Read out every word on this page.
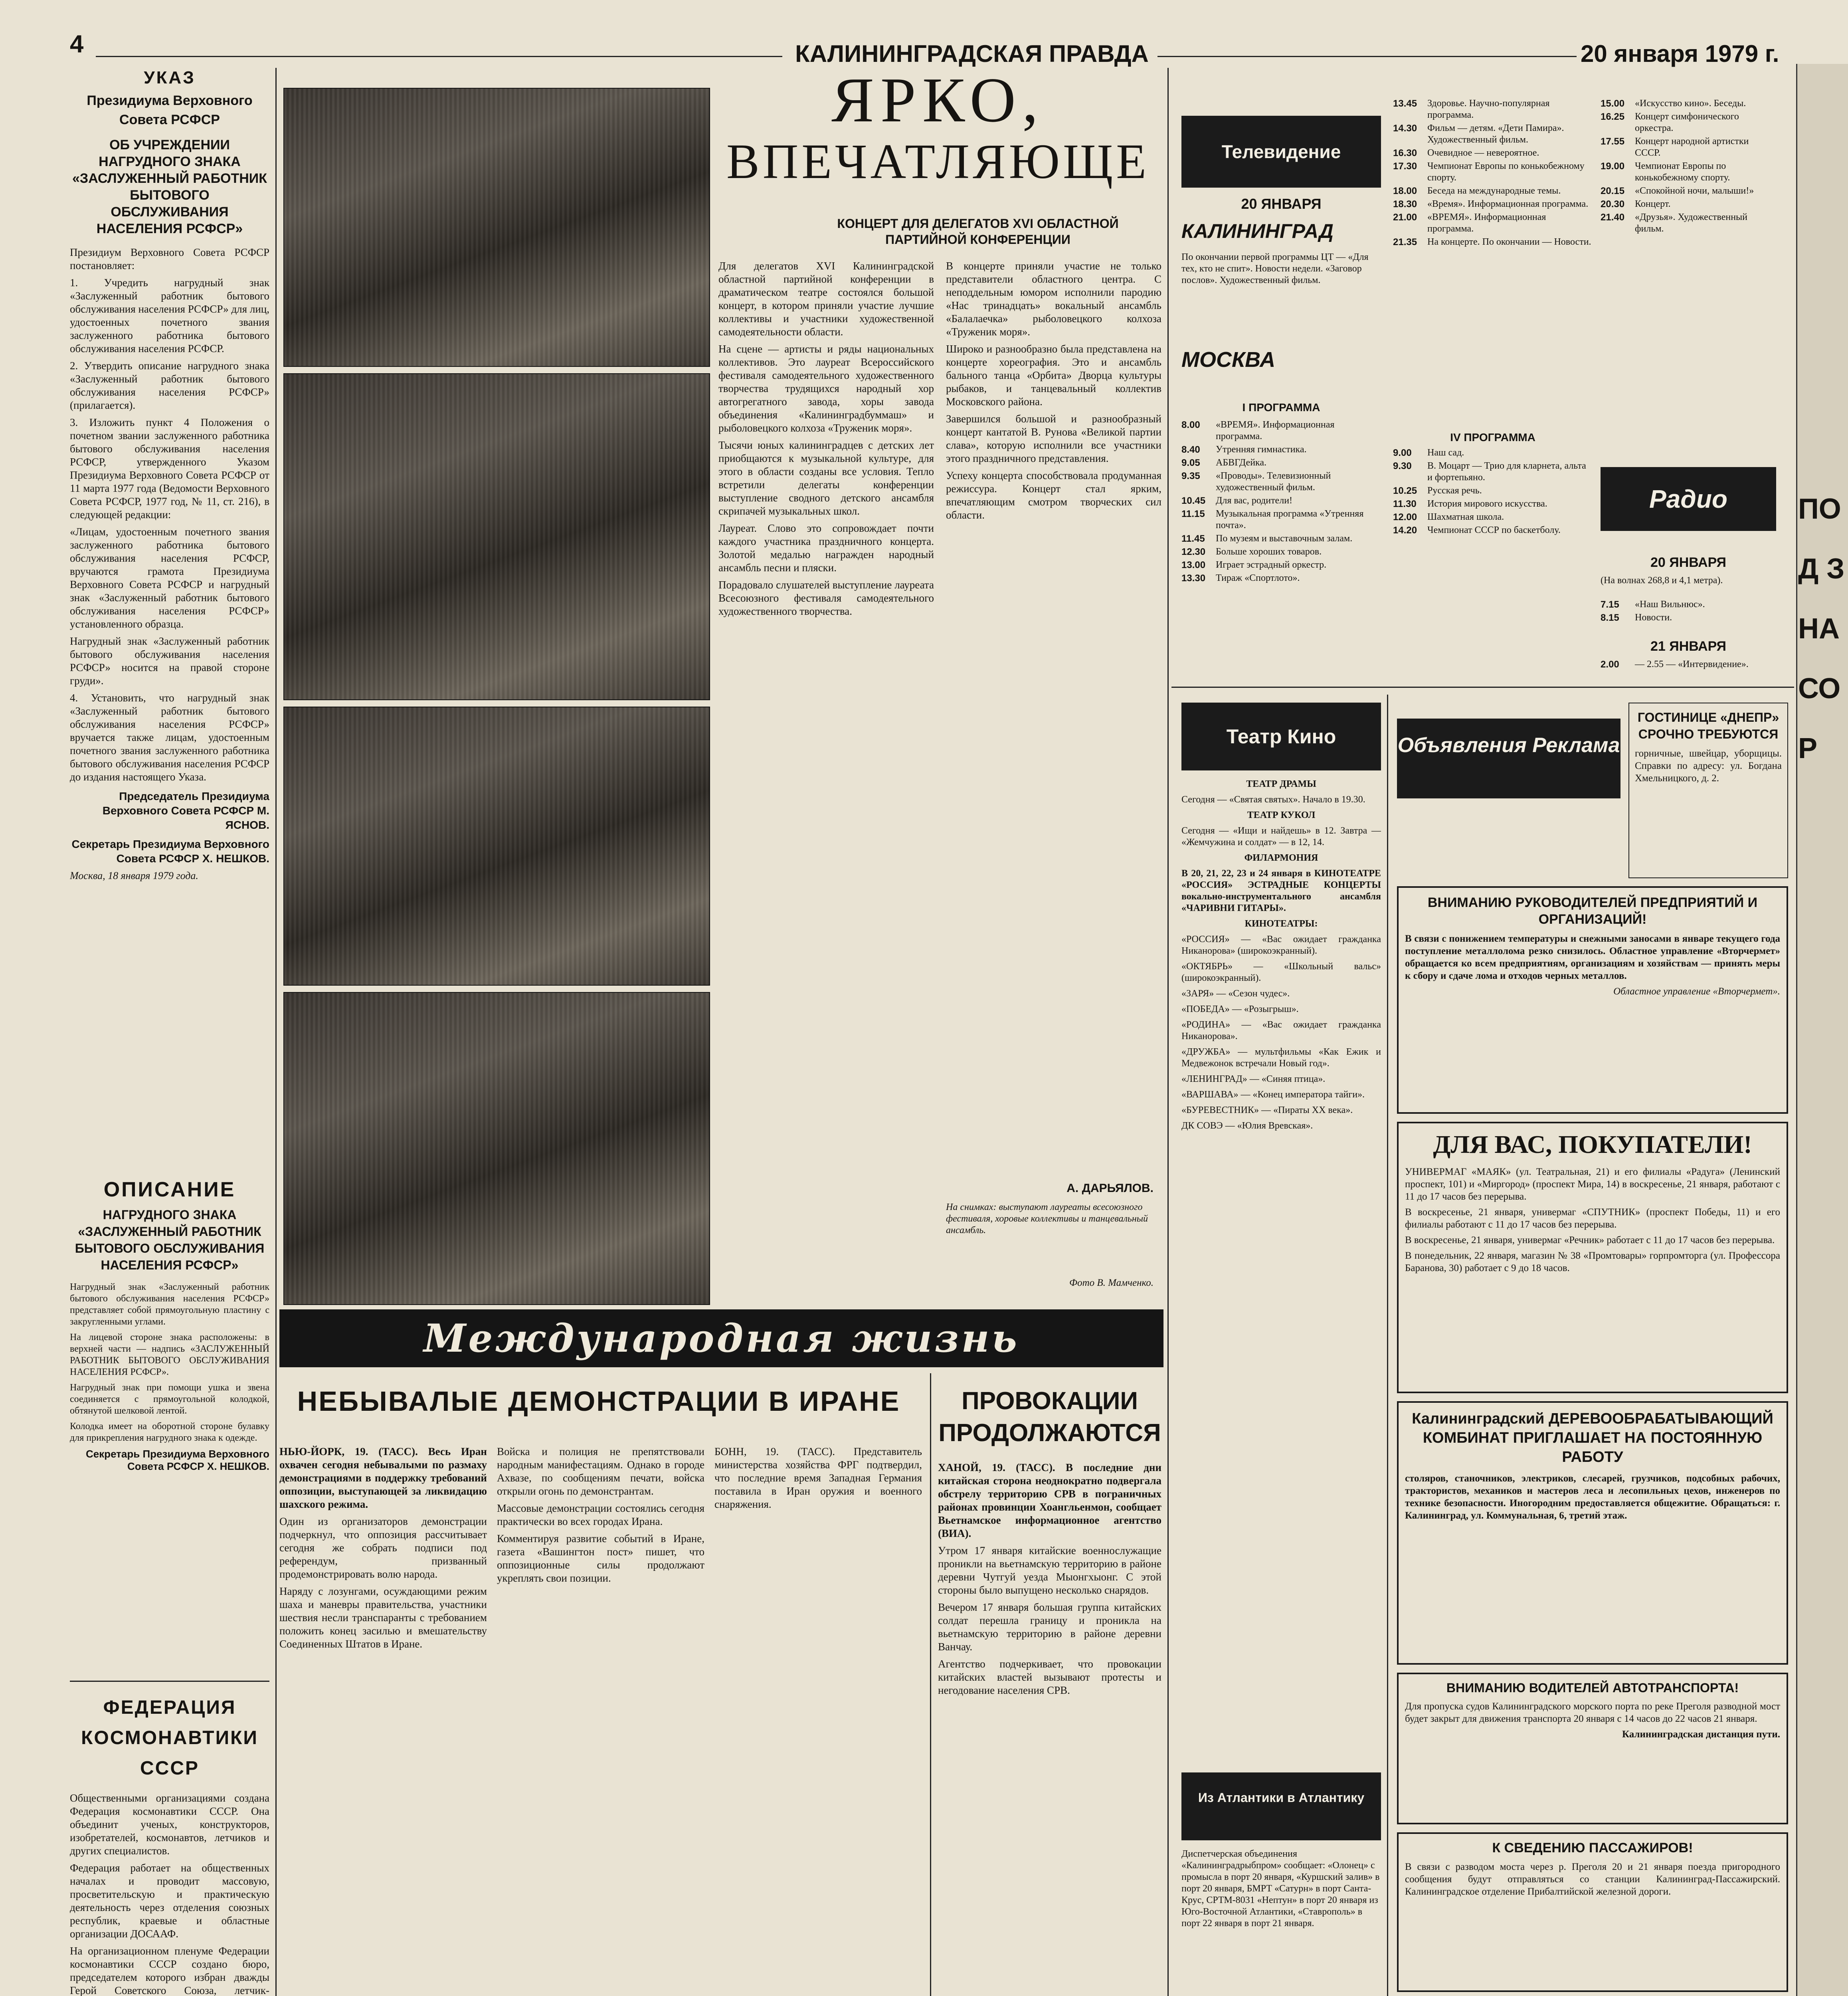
4	КАЛИНИНГРАДСКАЯ ПРАВДА	20 января 1979 г.
УКАЗ
Президиума Верховного Совета РСФСР
ОБ УЧРЕЖДЕНИИ НАГРУДНОГО ЗНАКА «ЗАСЛУЖЕННЫЙ РАБОТНИК БЫТОВОГО ОБСЛУЖИВАНИЯ НАСЕЛЕНИЯ РСФСР»

Президиум Верховного Совета РСФСР постановляет:

1. Учредить нагрудный знак «Заслуженный работник бытового обслуживания населения РСФСР» для лиц, удостоенных почетного звания заслуженного работника бытового обслуживания населения РСФСР.

2. Утвердить описание нагрудного знака «Заслуженный работник бытового обслуживания населения РСФСР» (прилагается).

3. Изложить пункт 4 Положения о почетном звании заслуженного работника бытового обслуживания населения РСФСР, утвержденного Указом Президиума Верховного Совета РСФСР от 11 марта 1977 года (Ведомости Верховного Совета РСФСР, 1977 год, № 11, ст. 216), в следующей редакции:

«Лицам, удостоенным почетного звания заслуженного работника бытового обслуживания населения РСФСР, вручаются грамота Президиума Верховного Совета РСФСР и нагрудный знак «Заслуженный работник бытового обслуживания населения РСФСР» установленного образца.

Нагрудный знак «Заслуженный работник бытового обслуживания населения РСФСР» носится на правой стороне груди».

4. Установить, что нагрудный знак «Заслуженный работник бытового обслуживания населения РСФСР» вручается также лицам, удостоенным почетного звания заслуженного работника бытового обслуживания населения РСФСР до издания настоящего Указа.

Председатель Президиума Верховного Совета РСФСР М. ЯСНОВ.
Секретарь Президиума Верховного Совета РСФСР Х. НЕШКОВ.
Москва, 18 января 1979 года.
ОПИСАНИЕ
НАГРУДНОГО ЗНАКА «ЗАСЛУЖЕННЫЙ РАБОТНИК БЫТОВОГО ОБСЛУЖИВАНИЯ НАСЕЛЕНИЯ РСФСР»

Нагрудный знак «Заслуженный работник бытового обслуживания населения РСФСР» представляет собой прямоугольную пластину с закругленными углами.

На лицевой стороне знака расположены: в верхней части — надпись «ЗАСЛУЖЕННЫЙ РАБОТНИК БЫТОВОГО ОБСЛУЖИВАНИЯ НАСЕЛЕНИЯ РСФСР».

Нагрудный знак при помощи ушка и звена соединяется с прямоугольной колодкой, обтянутой шелковой лентой.

Колодка имеет на оборотной стороне булавку для прикрепления нагрудного знака к одежде.

Секретарь Президиума Верховного Совета РСФСР Х. НЕШКОВ.
ФЕДЕРАЦИЯ КОСМОНАВТИКИ СССР

Общественными организациями создана Федерация космонавтики СССР. Она объединит ученых, конструкторов, изобретателей, космонавтов, летчиков и других специалистов.

Федерация работает на общественных началах и проводит массовую, просветительскую и практическую деятельность через отделения союзных республик, краевые и областные организации ДОСААФ.

На организационном пленуме Федерации космонавтики СССР создано бюро, председателем которого избран дважды Герой Советского Союза, летчик-

ЯРКО,
ВПЕЧАТЛЯЮЩЕ
КОНЦЕРТ ДЛЯ ДЕЛЕГАТОВ XVI ОБЛАСТНОЙ ПАРТИЙНОЙ КОНФЕРЕНЦИИ

Для делегатов XVI Калининградской областной партийной конференции в драматическом театре состоялся большой концерт, в котором приняли участие лучшие коллективы и участники художественной самодеятельности области.

На сцене — артисты и ряды национальных коллективов. Это лауреат Всероссийского фестиваля самодеятельного художественного творчества трудящихся народный хор автогрегатного завода, хоры завода объединения «Калининградбуммаш» и рыболовецкого колхоза «Труженик моря».

Тысячи юных калининградцев с детских лет приобщаются к музыкальной культуре, для этого в области созданы все условия. Тепло встретили делегаты конференции выступление сводного детского ансамбля скрипачей музыкальных школ.

Лауреат. Слово это сопровождает почти каждого участника праздничного концерта. Золотой медалью награжден народный ансамбль песни и пляски.

Порадовало слушателей выступление лауреата Всесоюзного фестиваля самодеятельного художественного творчества.

В концерте приняли участие не только представители областного центра. С неподдельным юмором исполнили пародию «Нас тринадцать» вокальный ансамбль «Балалаечка» рыболовецкого колхоза «Труженик моря».

Широко и разнообразно была представлена на концерте хореография. Это и ансамбль бального танца «Орбита» Дворца культуры рыбаков, и танцевальный коллектив Московского района.

Завершился большой и разнообразный концерт кантатой В. Рунова «Великой партии слава», которую исполнили все участники этого праздничного представления.

Успеху концерта способствовала продуманная режиссура. Концерт стал ярким, впечатляющим смотром творческих сил области.

А. ДАРЬЯЛОВ.
На снимках: выступают лауреаты всесоюзного фестиваля, хоровые коллективы и танцевальный ансамбль.
Фото В. Мамченко.
Международная жизнь
НЕБЫВАЛЫЕ ДЕМОНСТРАЦИИ В ИРАНЕ

НЬЮ-ЙОРК, 19. (ТАСС). Весь Иран охвачен сегодня небывалыми по размаху демонстрациями в поддержку требований оппозиции, выступающей за ликвидацию шахского режима.

Один из организаторов демонстрации подчеркнул, что оппозиция рассчитывает сегодня же собрать подписи под референдум, призванный продемонстрировать волю народа.

Наряду с лозунгами, осуждающими режим шаха и маневры правительства, участники шествия несли транспаранты с требованием положить конец засилью и вмешательству Соединенных Штатов в Иране.

Войска и полиция не препятствовали народным манифестациям. Однако в городе Ахвазе, по сообщениям печати, войска открыли огонь по демонстрантам.

Массовые демонстрации состоялись сегодня практически во всех городах Ирана.

Комментируя развитие событий в Иране, газета «Вашингтон пост» пишет, что оппозиционные силы продолжают укреплять свои позиции.

БОНН, 19. (ТАСС). Представитель министерства хозяйства ФРГ подтвердил, что последние время Западная Германия поставила в Иран оружия и военного снаряжения.

ПРОВОКАЦИИ ПРОДОЛЖАЮТСЯ

ХАНОЙ, 19. (ТАСС). В последние дни китайская сторона неоднократно подвергала обстрелу территорию СРВ в пограничных районах провинции Хоангльенмон, сообщает Вьетнамское информационное агентство (ВИА).

Утром 17 января китайские военнослужащие проникли на вьетнамскую территорию в районе деревни Чутгуй уезда Мыонгхыонг. С этой стороны было выпущено несколько снарядов.

Вечером 17 января большая группа китайских солдат перешла границу и проникла на вьетнамскую территорию в районе деревни Ванчау.

Агентство подчеркивает, что провокации китайских властей вызывают протесты и негодование населения СРВ.

Телевидение
20 ЯНВАРЯ
КАЛИНИНГРАД
По окончании первой программы ЦТ — «Для тех, кто не спит». Новости недели. «Заговор послов». Художественный фильм.
МОСКВА
I ПРОГРАММА
8.00	«ВРЕМЯ». Информационная программа.
8.40	Утренняя гимнастика.
9.05	АБВГДейка.
9.35	«Проводы». Телевизионный художественный фильм.
10.45	Для вас, родители!
11.15	Музыкальная программа «Утренняя почта».
11.45	По музеям и выставочным залам.
12.30	Больше хороших товаров.
13.00	Играет эстрадный оркестр.
13.30	Тираж «Спортлото».
13.45	Здоровье. Научно-популярная программа.
14.30	Фильм — детям. «Дети Памира». Художественный фильм.
16.30	Очевидное — невероятное.
17.30	Чемпионат Европы по конькобежному спорту.
18.00	Беседа на международные темы.
18.30	«Время». Информационная программа.
21.00	«ВРЕМЯ». Информационная программа.
21.35	На концерте. По окончании — Новости.
IV ПРОГРАММА
9.00	Наш сад.
9.30	В. Моцарт — Трио для кларнета, альта и фортепьяно.
10.25	Русская речь.
11.30	История мирового искусства.
12.00	Шахматная школа.
14.20	Чемпионат СССР по баскетболу.
15.00	«Искусство кино». Беседы.
16.25	Концерт симфонического оркестра.
17.55	Концерт народной артистки СССР.
19.00	Чемпионат Европы по конькобежному спорту.
20.15	«Спокойной ночи, малыши!»
20.30	Концерт.
21.40	«Друзья». Художественный фильм.
Радио
20 ЯНВАРЯ
(На волнах 268,8 и 4,1 метра).
7.15	«Наш Вильнюс».
8.15	Новости.
21 ЯНВАРЯ
2.00	— 2.55 — «Интервидение».
Театр Кино

ТЕАТР ДРАМЫ

Сегодня — «Святая святых». Начало в 19.30.

ТЕАТР КУКОЛ

Сегодня — «Ищи и найдешь» в 12. Завтра — «Жемчужина и солдат» — в 12, 14.

ФИЛАРМОНИЯ

В 20, 21, 22, 23 и 24 января в КИНОТЕАТРЕ «РОССИЯ» ЭСТРАДНЫЕ КОНЦЕРТЫ вокально-инструментального ансамбля «ЧАРИВНИ ГИТАРЫ».

КИНОТЕАТРЫ:

«РОССИЯ» — «Вас ожидает гражданка Никанорова» (широкоэкранный).

«ОКТЯБРЬ» — «Школьный вальс» (широкоэкранный).

«ЗАРЯ» — «Сезон чудес».

«ПОБЕДА» — «Розыгрыш».

«РОДИНА» — «Вас ожидает гражданка Никанорова».

«ДРУЖБА» — мультфильмы «Как Ежик и Медвежонок встречали Новый год».

«ЛЕНИНГРАД» — «Синяя птица».

«ВАРШАВА» — «Конец императора тайги».

«БУРЕВЕСТНИК» — «Пираты XX века».

ДК СОВЭ — «Юлия Вревская».

Из Атлантики в Атлантику
Диспетчерская объединения «Калининградрыбпром» сообщает: «Олонец» с промысла в порт 20 января, «Куршский залив» в порт 20 января, БМРТ «Сатурн» в порт Санта-Крус, СРТМ-8031 «Нептун» в порт 20 января из Юго-Восточной Атлантики, «Ставрополь» в порт 22 января в порт 21 января.
Объявления Реклама
ГОСТИНИЦЕ «ДНЕПР» СРОЧНО ТРЕБУЮТСЯ
горничные, швейцар, уборщицы. Справки по адресу: ул. Богдана Хмельницкого, д. 2.
ВНИМАНИЮ РУКОВОДИТЕЛЕЙ ПРЕДПРИЯТИЙ И ОРГАНИЗАЦИЙ!
В связи с понижением температуры и снежными заносами в январе текущего года поступление металлолома резко снизилось. Областное управление «Вторчермет» обращается ко всем предприятиям, организациям и хозяйствам — принять меры к сбору и сдаче лома и отходов черных металлов.
Областное управление «Вторчермет».
ДЛЯ ВАС, ПОКУПАТЕЛИ!
УНИВЕРМАГ «МАЯК» (ул. Театральная, 21) и его филиалы «Радуга» (Ленинский проспект, 101) и «Миргород» (проспект Мира, 14) в воскресенье, 21 января, работают с 11 до 17 часов без перерыва.
В воскресенье, 21 января, универмаг «СПУТНИК» (проспект Победы, 11) и его филиалы работают с 11 до 17 часов без перерыва.
В воскресенье, 21 января, универмаг «Речник» работает с 11 до 17 часов без перерыва.
В понедельник, 22 января, магазин № 38 «Промтовары» горпромторга (ул. Профессора Баранова, 30) работает с 9 до 18 часов.
Калининградский ДЕРЕВООБРАБАТЫВАЮЩИЙ КОМБИНАТ ПРИГЛАШАЕТ НА ПОСТОЯННУЮ РАБОТУ
столяров, станочников, электриков, слесарей, грузчиков, подсобных рабочих, трактористов, механиков и мастеров леса и лесопильных цехов, инженеров по технике безопасности. Иногородним предоставляется общежитие. Обращаться: г. Калининград, ул. Коммунальная, 6, третий этаж.
ВНИМАНИЮ ВОДИТЕЛЕЙ АВТОТРАНСПОРТА!
Для пропуска судов Калининградского морского порта по реке Преголя разводной мост будет закрыт для движения транспорта 20 января с 14 часов до 22 часов 21 января.
Калининградская дистанция пути.
К СВЕДЕНИЮ ПАССАЖИРОВ!
В связи с разводом моста через р. Преголя 20 и 21 января поезда пригородного сообщения будут отправляться со станции Калининград-Пассажирский. Калининградское отделение Прибалтийской железной дороги.
ПОД ЗНА СОР
